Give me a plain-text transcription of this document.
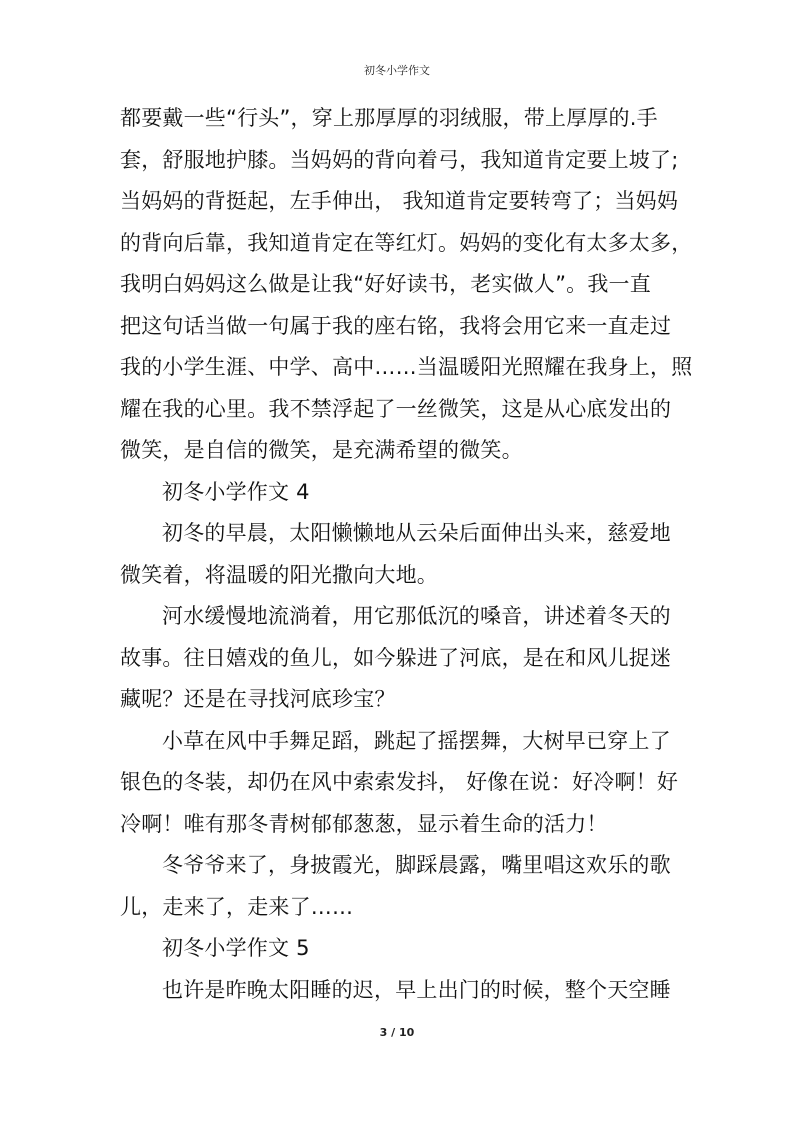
初冬小学作文
都要戴一些“行头”，穿上那厚厚的羽绒服，带上厚厚的.手
套，舒服地护膝。当妈妈的背向着弓，我知道肯定要上坡了;
当妈妈的背挺起，左手伸出， 我知道肯定要转弯了；当妈妈
的背向后靠，我知道肯定在等红灯。妈妈的变化有太多太多，
我明白妈妈这么做是让我“好好读书，老实做人”。我一直
把这句话当做一句属于我的座右铭，我将会用它来一直走过
我的小学生涯、中学、高中……当温暖阳光照耀在我身上，照
耀在我的心里。我不禁浮起了一丝微笑，这是从心底发出的
微笑，是自信的微笑，是充满希望的微笑。
初冬小学作文 4
初冬的早晨，太阳懒懒地从云朵后面伸出头来，慈爱地
微笑着，将温暖的阳光撒向大地。
河水缓慢地流淌着，用它那低沉的嗓音，讲述着冬天的
故事。往日嬉戏的鱼儿，如今躲进了河底，是在和风儿捉迷
藏呢？还是在寻找河底珍宝？
小草在风中手舞足蹈，跳起了摇摆舞，大树早已穿上了
银色的冬装，却仍在风中索索发抖， 好像在说：好冷啊！好
冷啊！唯有那冬青树郁郁葱葱，显示着生命的活力！
冬爷爷来了，身披霞光，脚踩晨露，嘴里唱这欢乐的歌
儿，走来了，走来了……
初冬小学作文 5
也许是昨晚太阳睡的迟，早上出门的时候，整个天空睡
3 / 10
